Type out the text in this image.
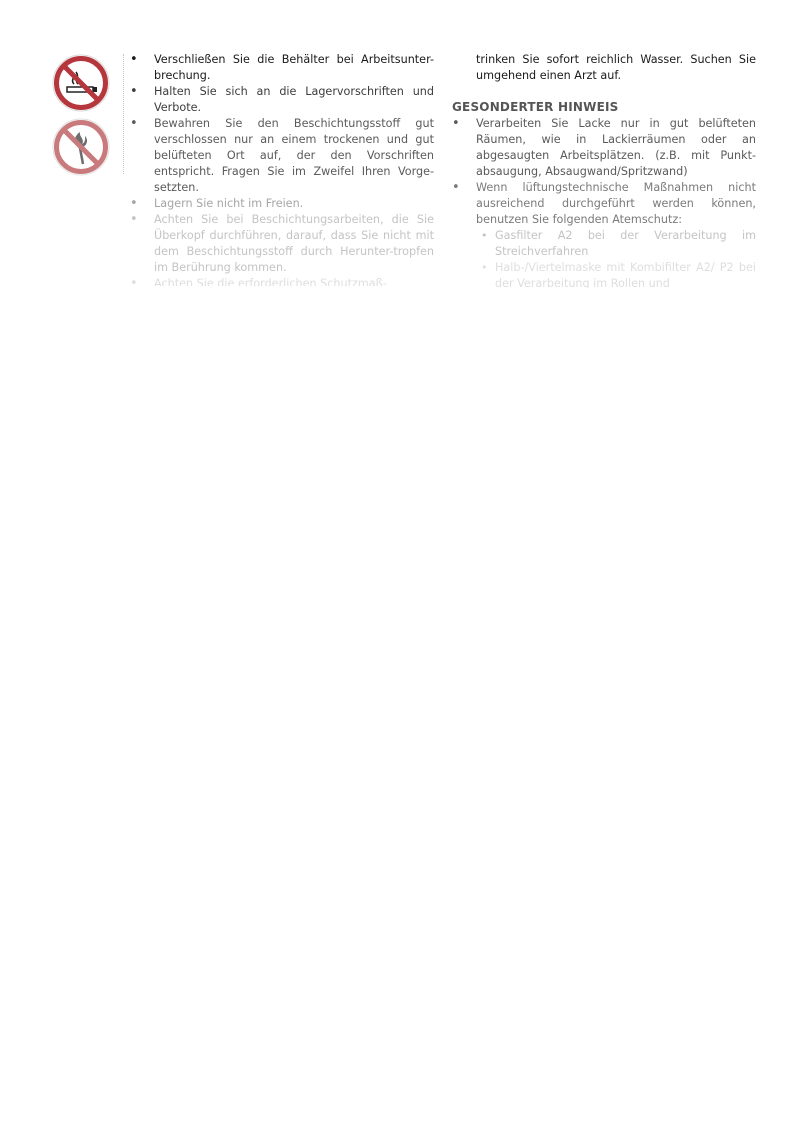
• Verschließen Sie die Behälter bei Arbeitsunter-brechung.
• Halten Sie sich an die Lagervorschriften und Verbote.
• Bewahren Sie den Beschichtungsstoff gut verschlossen nur an einem trockenen und gut belüfteten Ort auf, der den Vorschriften entspricht. Fragen Sie im Zweifel Ihren Vorge-setzten.
• Lagern Sie nicht im Freien.
• Achten Sie bei Beschichtungsarbeiten, die Sie Überkopf durchführen, darauf, dass Sie nicht mit dem Beschichtungsstoff durch Herunter-tropfen im Berührung kommen.
• Achten Sie die erforderlichen Schutzmaß-
trinken Sie sofort reichlich Wasser. Suchen Sie umgehend einen Arzt auf.
GESONDERTER HINWEIS
• Verarbeiten Sie Lacke nur in gut belüfteten Räumen, wie in Lackierräumen oder an abgesaugten Arbeitsplätzen. (z.B. mit Punkt-absaugung, Absaugwand/Spritzwand)
• Wenn lüftungstechnische Maßnahmen nicht ausreichend durchgeführt werden können, benutzen Sie folgenden Atemschutz:
• Gasfilter A2 bei der Verarbeitung im Streichverfahren
• Halb-/Viertelmaske mit Kombifilter A2/ P2 bei der Verarbeitung im Rollen und
